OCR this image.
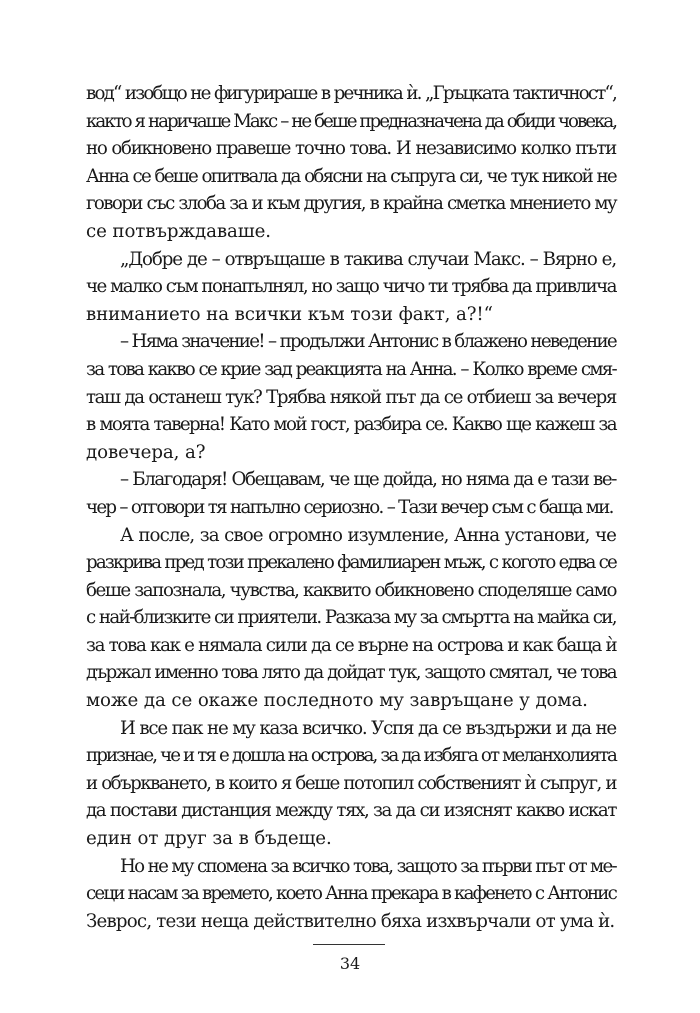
вод“ изобщо не фигурираше в речника ѝ. „Гръцката тактичност“,
както я наричаше Макс – не беше предназначена да обиди човека,
но обикновено правеше точно това. И независимо колко пъти
Анна се беше опитвала да обясни на съпруга си, че тук никой не
говори със злоба за и към другия, в крайна сметка мнението му
се потвърждаваше.
„Добре де – отвръщаше в такива случаи Макс. – Вярно е,
че малко съм понапълнял, но защо чичо ти трябва да привлича
вниманието на всички към този факт, а?!“
– Няма значение! – продължи Антонис в блажено неведение
за това какво се крие зад реакцията на Анна. – Колко време смя-
таш да останеш тук? Трябва някой път да се отбиеш за вечеря
в моята таверна! Като мой гост, разбира се. Какво ще кажеш за
довечера, а?
– Благодаря! Обещавам, че ще дойда, но няма да е тази ве-
чер – отговори тя напълно сериозно. – Тази вечер съм с баща ми.
А после, за свое огромно изумление, Анна установи, че
разкрива пред този прекалено фамилиарен мъж, с когото едва се
беше запознала, чувства, каквито обикновено споделяше само
с най-близките си приятели. Разказа му за смъртта на майка си,
за това как е нямала сили да се върне на острова и как баща ѝ
държал именно това лято да дойдат тук, защото смятал, че това
може да се окаже последното му завръщане у дома.
И все пак не му каза всичко. Успя да се въздържи и да не
признае, че и тя е дошла на острова, за да избяга от меланхолията
и объркването, в които я беше потопил собственият ѝ съпруг, и
да постави дистанция между тях, за да си изяснят какво искат
един от друг за в бъдеще.
Но не му спомена за всичко това, защото за първи път от ме-
сеци насам за времето, което Анна прекара в кафенето с Антонис
Зеврос, тези неща действително бяха изхвърчали от ума ѝ.
34
